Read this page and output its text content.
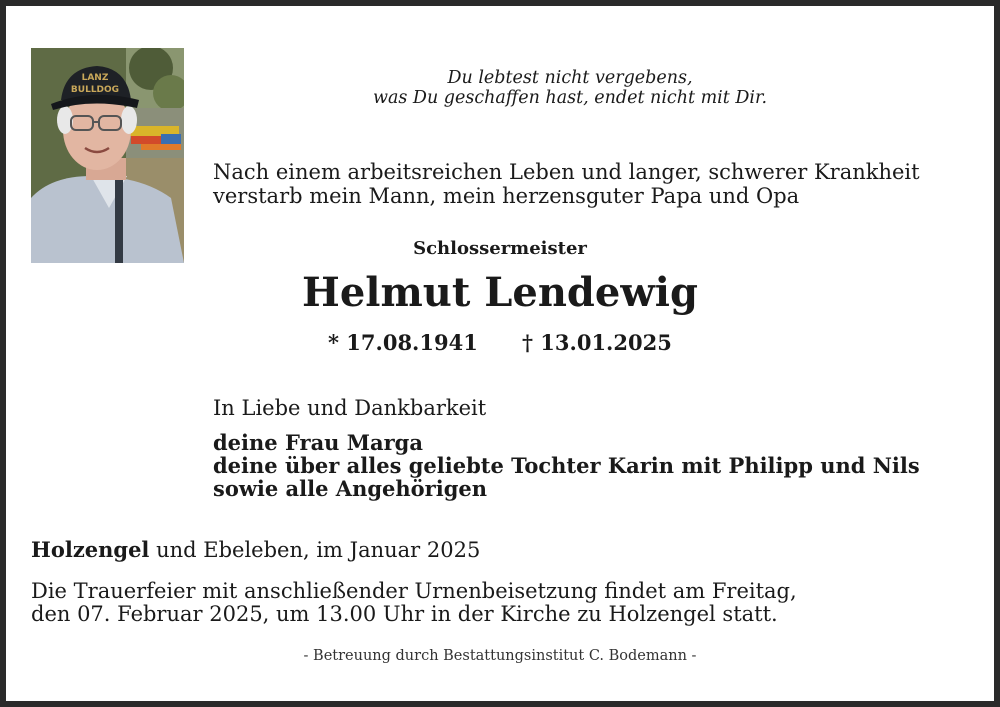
LANZ
BULLDOG
Du lebtest nicht vergebens,
was Du geschaffen hast, endet nicht mit Dir.
Nach einem arbeitsreichen Leben und langer, schwerer Krankheit
verstarb mein Mann, mein herzensguter Papa und Opa
Schlossermeister
Helmut Lendewig
* 17.08.1941 † 13.01.2025
In Liebe und Dankbarkeit
deine Frau Marga
deine über alles geliebte Tochter Karin mit Philipp und Nils
sowie alle Angehörigen
Holzengel und Ebeleben, im Januar 2025
Die Trauerfeier mit anschließender Urnenbeisetzung findet am Freitag,
den 07. Februar 2025, um 13.00 Uhr in der Kirche zu Holzengel statt.
- Betreuung durch Bestattungsinstitut C. Bodemann -
